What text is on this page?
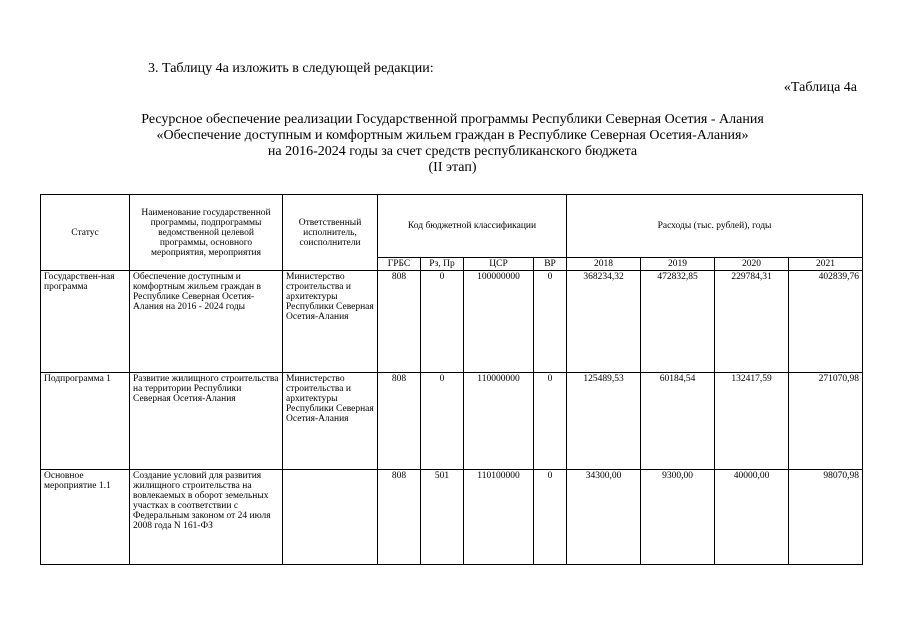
3. Таблицу 4а изложить в следующей редакции:
«Таблица 4а
Ресурсное обеспечение реализации Государственной программы Республики Северная Осетия - Алания
«Обеспечение доступным и комфортным жильем граждан в Республике Северная Осетия-Алания»
на 2016-2024 годы за счет средств республиканского бюджета
(II этап)
Статус	Наименование государственной программы, подпрограммы ведомственной целевой программы, основного мероприятия, мероприятия	Ответственный исполнитель, соисполнители	Код бюджетной классификации				Расходы (тыс. рублей), годы			
			ГРБС	Рз, Пр	ЦСР	ВР	2018	2019	2020	2021
Государствен-ная программа	Обеспечение доступным и комфортным жильем граждан в Республике Северная Осетия-Алания на 2016 - 2024 годы	Министерство строительства и архитектуры Республики Северная Осетия-Алания	808	0	100000000	0	368234,32	472832,85	229784,31	402839,76
Подпрограмма 1	Развитие жилищного строительства на территории Республики Северная Осетия-Алания	Министерство строительства и архитектуры Республики Северная Осетия-Алания	808	0	110000000	0	125489,53	60184,54	132417,59	271070,98
Основное мероприятие 1.1	Создание условий для развития жилищного строительства на вовлекаемых в оборот земельных участках в соответствии с Федеральным законом от 24 июля 2008 года N 161-ФЗ		808	501	110100000	0	34300,00	9300,00	40000,00	98070,98
